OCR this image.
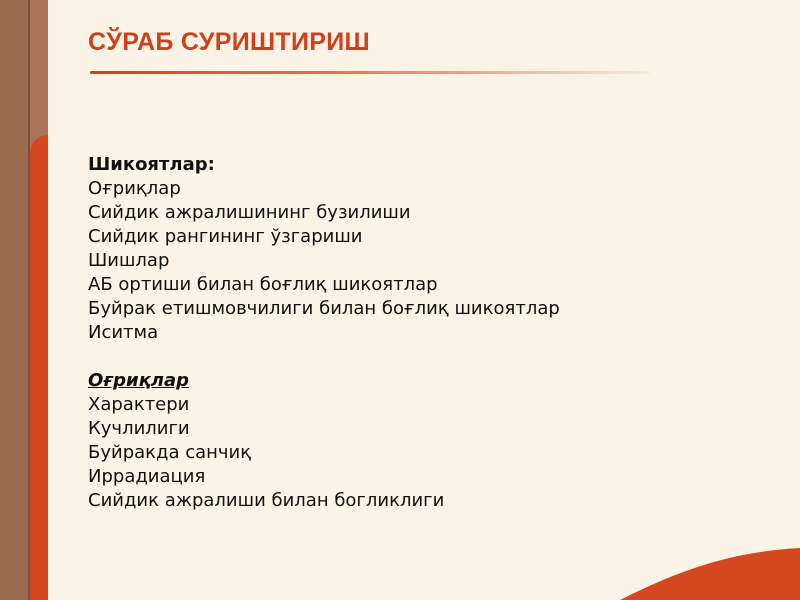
СЎРАБ СУРИШТИРИШ
Шикоятлар:
Оғриқлар
Сийдик ажралишининг бузилиши
Сийдик рангининг ўзгариши
Шишлар
АБ ортиши билан боғлиқ шикоятлар
Буйрак етишмовчилиги билан боғлиқ шикоятлар
Иситма
Оғриқлар
Характери
Кучлилиги
Буйракда санчиқ
Иррадиация
Сийдик ажралиши билан богликлиги
